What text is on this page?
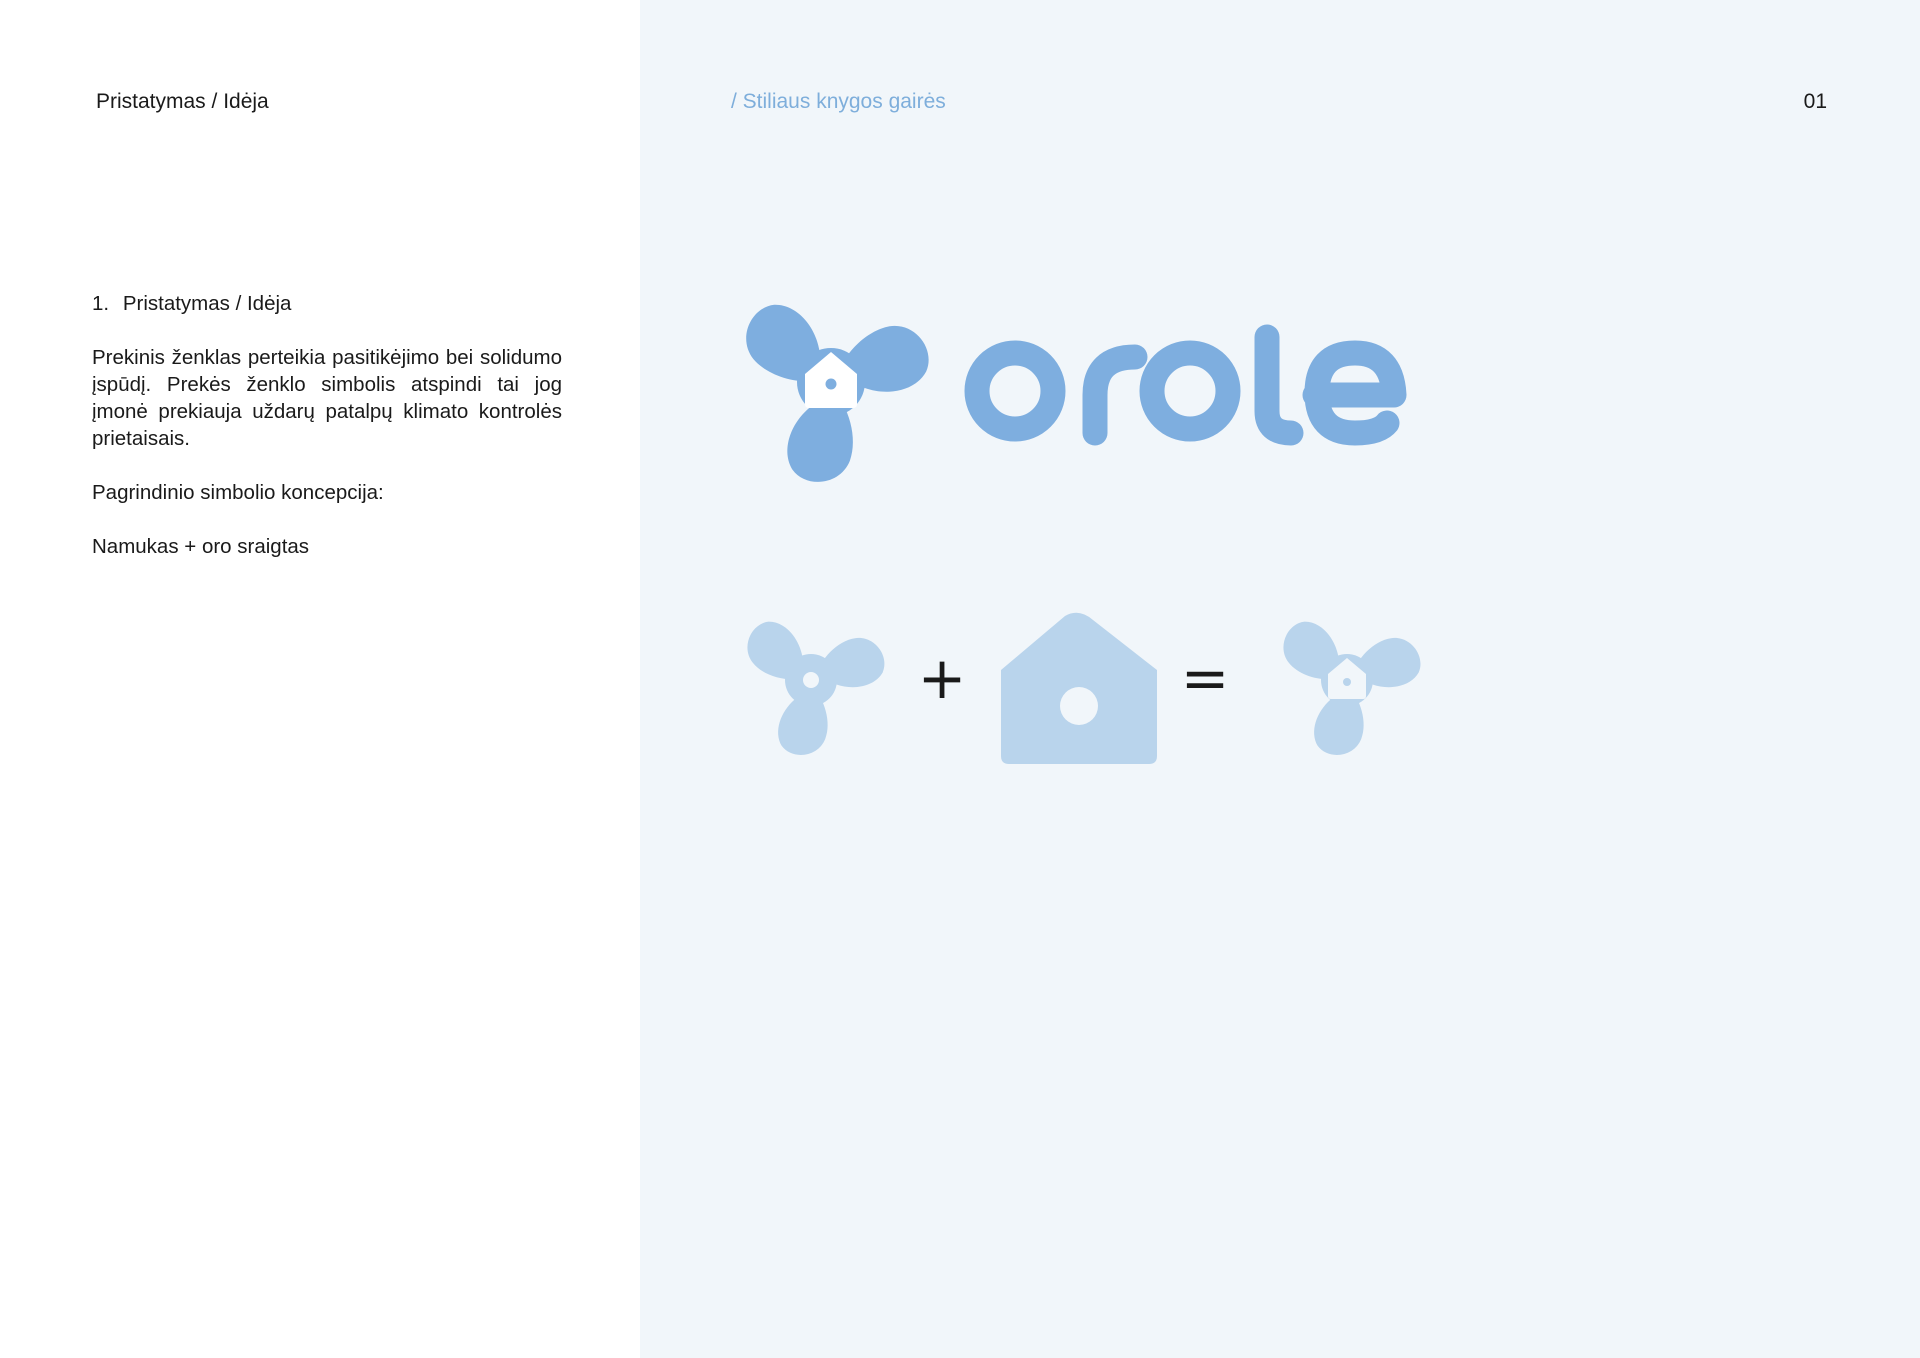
Pristatymas / Idėja	/ Stiliaus knygos gairės	01
1. Pristatymas / Idėja

Prekinis ženklas perteikia pasitikėjimo bei solidumo įspūdį. Prekės ženklo simbolis atspindi tai jog įmonė prekiauja uždarų patalpų klimato kontrolės prietaisais.

Pagrindinio simbolio koncepcija:

Namukas + oro sraigtas

+	=
